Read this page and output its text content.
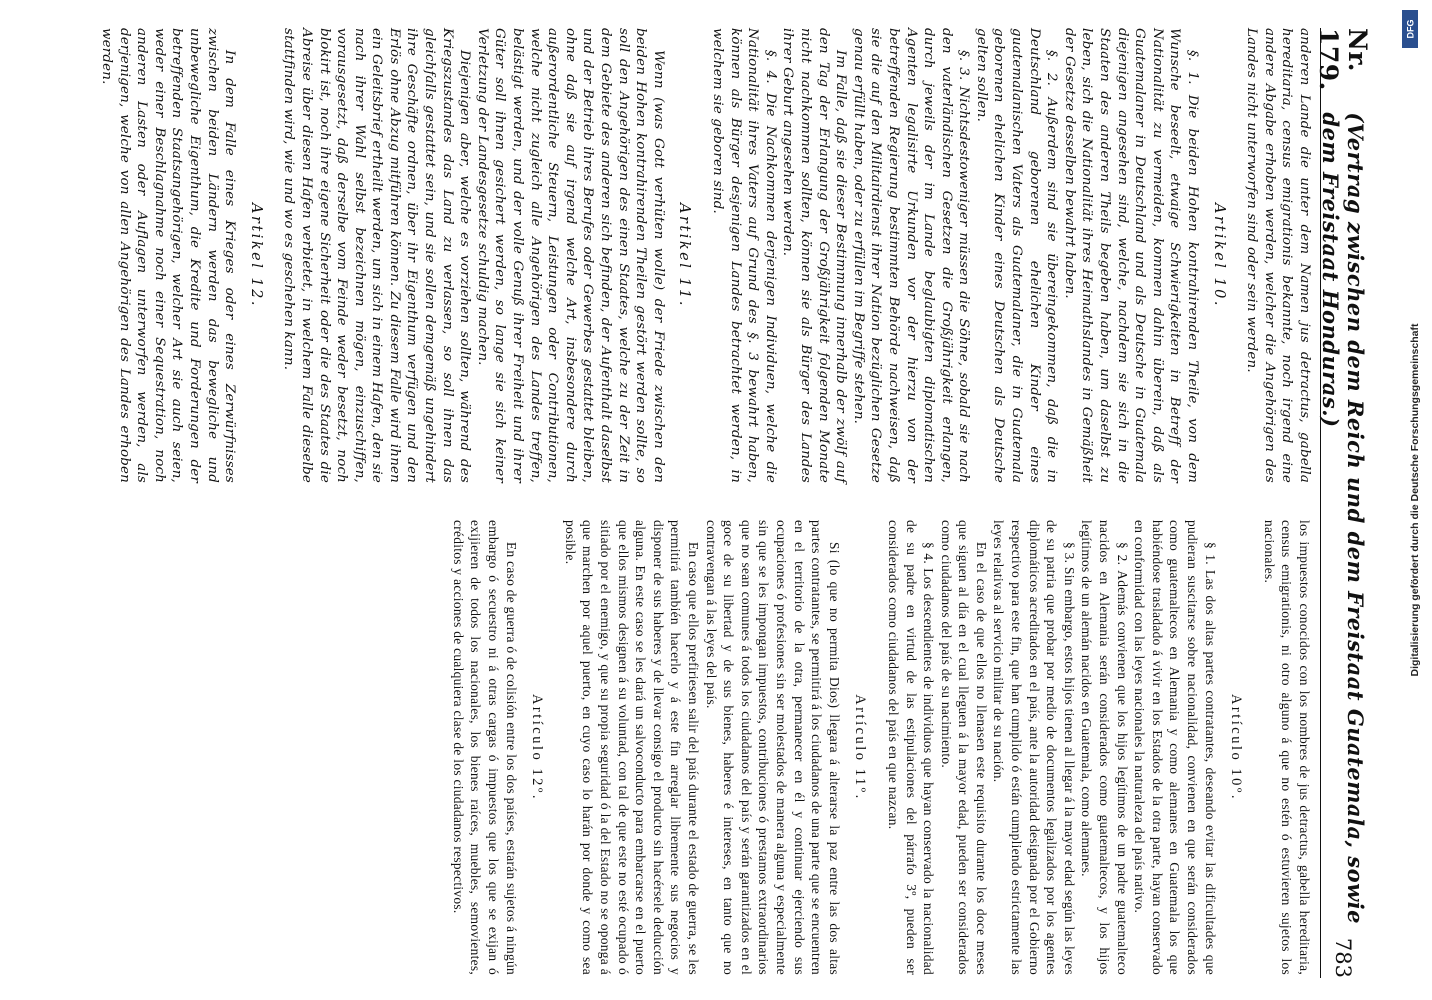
Nr. 179.
(Vertrag zwischen dem Reich und dem Freistaat Guatemala, sowie dem Freistaat Honduras.)
783

anderen Lande die unter dem Namen jus detractus, gabella hereditaria, census emigrationis bekannte, noch irgend eine andere Abgabe erhoben werden, welcher die Angehörigen des Landes nicht unterworfen sind oder sein werden.

Artikel 10.

§. 1. Die beiden Hohen kontrahirenden Theile, von dem Wunsche beseelt, etwaige Schwierigkeiten in Betreff der Nationalität zu vermeiden, kommen dahin überein, daß als Guatemalaner in Deutschland und als Deutsche in Guatemala diejenigen angesehen sind, welche, nachdem sie sich in die Staaten des anderen Theils begeben haben, um daselbst zu leben, sich die Nationalität ihres Heimathslandes in Gemäßheit der Gesetze desselben bewahrt haben.

§. 2. Außerdem sind sie übereingekommen, daß die in Deutschland geborenen ehelichen Kinder eines guatemalanischen Vaters als Guatemalaner, die in Guatemala geborenen ehelichen Kinder eines Deutschen als Deutsche gelten sollen.

§. 3. Nichtsdestoweniger müssen die Söhne, sobald sie nach den vaterländischen Gesetzen die Großjährigkeit erlangen, durch jeweils der im Lande beglaubigten diplomatischen Agenten legalisirte Urkunden vor der hierzu von der betreffenden Regierung bestimmten Behörde nachweisen, daß sie die auf den Militairdienst ihrer Nation bezüglichen Gesetze genau erfüllt haben, oder zu erfüllen im Begriffe stehen.

Im Falle, daß sie dieser Bestimmung innerhalb der zwölf auf den Tag der Erlangung der Großjährigkeit folgenden Monate nicht nachkommen sollten, können sie als Bürger des Landes ihrer Geburt angesehen werden.

§. 4. Die Nachkommen derjenigen Individuen, welche die Nationalität ihres Vaters auf Grund des §. 3 bewahrt haben, können als Bürger desjenigen Landes betrachtet werden, in welchem sie geboren sind.

Artikel 11.

Wenn (was Gott verhüten wolle) der Friede zwischen den beiden Hohen kontrahirenden Theilen gestört werden sollte, so soll den Angehörigen des einen Staates, welche zu der Zeit in dem Gebiete des anderen sich befinden, der Aufenthalt daselbst und der Betrieb ihres Berufes oder Gewerbes gestattet bleiben, ohne daß sie auf irgend welche Art, insbesondere durch außerordentliche Steuern, Leistungen oder Contributionen, welche nicht zugleich alle Angehörigen des Landes treffen, belästigt werden, und der volle Genuß ihrer Freiheit und ihrer Güter soll ihnen gesichert werden, so lange sie sich keiner Verletzung der Landesgesetze schuldig machen.

Diejenigen aber, welche es vorziehen sollten, während des Kriegszustandes das Land zu verlassen, so soll ihnen das gleichfalls gestattet sein, und sie sollen demgemäß ungehindert ihre Geschäfte ordnen, über ihr Eigenthum verfügen und den Erlös ohne Abzug mitführen können. Zu diesem Falle wird ihnen ein Geleitsbrief ertheilt werden, um sich in einem Hafen, den sie nach ihrer Wahl selbst bezeichnen mögen, einzuschiffen, vorausgesetzt, daß derselbe vom Feinde weder besetzt, noch blokirt ist, noch ihre eigene Sicherheit oder die des Staates die Abreise über diesen Hafen verbietet, in welchem Falle dieselbe stattfinden wird, wie und wo es geschehen kann.

Artikel 12.

In dem Falle eines Krieges oder eines Zerwürfnisses zwischen beiden Ländern werden das bewegliche und unbewegliche Eigenthum, die Kredite und Forderungen der betreffenden Staatsangehörigen, welcher Art sie auch seien, weder einer Beschlagnahme noch einer Sequestration, noch anderen Lasten oder Auflagen unterworfen werden, als derjenigen, welche von allen Angehörigen des Landes erhoben werden.

los impuestos conocidos con los nombres de jus detractus, gabella hereditaria, census emigrationis, ni otro alguno á que no estén ó estuvieren sujetos los nacionales.

Artículo 10º.

§ 1. Las dos altas partes contratantes, deseando evitar las dificultades que pudieran suscitarse sobre nacionalidad, convienen en que serán considerados como guatemaltecos en Alemania y como alemanes en Guatemala los que habiéndose trasladado á vivir en los Estados de la otra parte, hayan conservado en conformidad con las leyes nacionales la naturaleza del país nativo.

§ 2. Además convienen que los hijos legítimos de un padre guatemalteco nacidos en Alemania serán considerados como guatemaltecos, y los hijos legítimos de un alemán nacidos en Guatemala, como alemanes.

§ 3. Sin embargo, estos hijos tienen al llegar á la mayor edad según las leyes de su patria que probar por medio de documentos legalizados por los agentes diplomáticos acreditados en el país, ante la autoridad designada por el Gobierno respectivo para este fin, que han cumplido ó están cumpliendo estrictamente las leyes relativas al servicio militar de su nación.

En el caso de que ellos no llenasen este requisito durante los doce meses que siguen al día en el cual lleguen á la mayor edad, pueden ser considerados como ciudadanos del país de su nacimiento.

§ 4. Los descendientes de individuos que hayan conservado la nacionalidad de su padre en virtud de las estipulaciones del párrafo 3º, pueden ser considerados como ciudadanos del país en que nazcan.

Artículo 11º.

Si (lo que no permita Dios) llegara á alterarse la paz entre las dos altas partes contratantes, se permitirá á los ciudadanos de una parte que se encuentren en el territorio de la otra, permanecer en él y continuar ejerciendo sus ocupaciones ó profesiones sin ser molestados de manera alguna y especialmente sin que se les impongan impuestos, contribuciones ó prestamos extraordinarios que no sean comunes á todos los ciudadanos del país y serán garantizados en el goce de su libertad y de sus bienes, haberes é intereses, en tanto que no contravengan á las leyes del país.

En caso que ellos prefiriesen salir del país durante el estado de guerra, se les permitirá también hacerlo y á este fin arreglar libremente sus negocios y disponer de sus haberes y de llevar consigo el producto sin hacérsele deducción alguna. En este caso se les dará un salvoconducto para embarcarse en el puerto que ellos mismos designen á su voluntad, con tal de que este no esté ocupado ó sitiado por el enemigo, y que su propia seguridad ó la del Estado no se oponga á que marchen por aquel puerto, en cuyo caso lo harán por donde y como sea posible.

Artículo 12º.

En caso de guerra ó de colisión entre los dos países, estarán sujetos á ningún embargo ó secuestro ni á otras cargas ó impuestos que los que se exijan ó exijieren de todos los nacionales, los bienes raíces, muebles, semovientes, créditos y acciones de cualquiera clase de los ciudadanos respectivos.

DFG
Digitalisierung gefördert durch die Deutsche Forschungsgemeinschaft
